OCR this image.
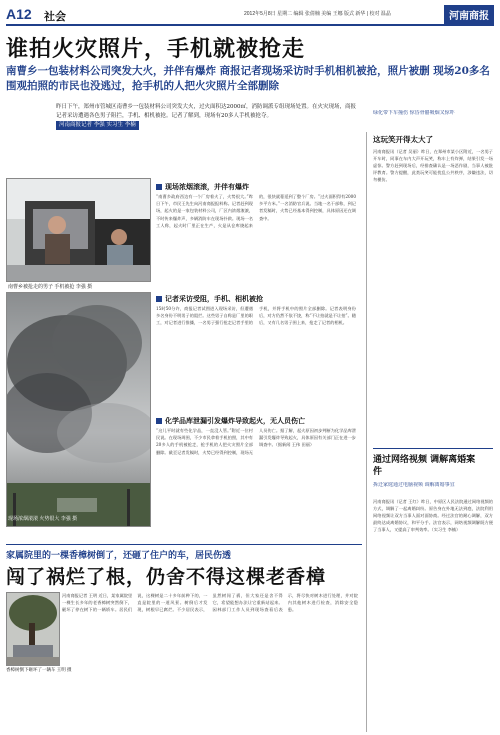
A12 社会	2012年5月8日 星期二 编辑 张倩楠 美编 王娜 版式 新华 | 校对 温晶	河南商报
谁拍火灾照片，手机就被抢走
南曹乡一包装材料公司突发大火，并伴有爆炸 商报记者现场采访时手机相机被抢，照片被删 现场20多名围观拍照的市民也没逃过，抢手机的人把火灾照片全部删除
昨日下午，郑州市管城区南曹乡一包装材料公司突发大火，过火面积达2000㎡，消防调派专组现场处置。在火灾现场，商报记者采访遭遇各色男子阻拦，手机、相机被抢。记者了解到，现场有20多人手机被抢夺。
河南商报记者 李强 实习生 李楠
南曹乡被抢走的男子 手机被抢 李强 摄
现场浓烟滚滚，并伴有爆炸
“南曹乡政府西边有一个厂房着火了，火势很大。”昨日下午，市民王先生向河南商报报料称。记者赶到现场，起火的是一家包装材料公司，厂区内浓烟滚滚，不时传来爆炸声，多辆消防车在现场扑救。现场一名工人称，起火时厂里正在生产，火是从仓库烧起来的，很快就蔓延到了整个厂房。“过火面积得有2000多平方米。”一名消防官兵说。当地一名干部称，到记者发稿时，火势已经基本得到控制，具体原因还在调查中。
记者采访受阻，手机、相机被抢
15时50分许，商报记者试图进入现场采访，但遭遇多名身份不明男子的阻拦。这些男子自称是厂里的职工，对记者进行推搡，一名男子强行抢走记者手里的手机，并将手机中的照片全部删除。记者表明身份后，对方仍然不依不饶，称“不让拍就是不让拍”。随后，又有几名男子围上来，抢走了记者的相机。
现场浓烟滚滚 火势很大 李强 摄
化学品库泄漏引发爆炸导致起火，无人员伤亡
“这儿平时就有些化学品，一直没人管。”附近一位村民说。在现场周围，不少市民拿着手机拍照，其中有20多人的手机被抢走，抢手机的人把火灾照片全部删除。截至记者发稿时，火势已经得到控制，现场无人员伤亡。据了解，起火原因初步判断为化学品库泄漏引发爆炸导致起火，具体原因有关部门正在进一步调查中。（据新闻 王伟 田丽）
绿化带下车撞伤 惊昏骨骼吸烟又惊吓
这玩笑开得太大了
河南商报讯（记者 吴丽）昨日，在郑州市某小区附近，一名男子开车时，同事在车内大声开玩笑，称车上有炸弹，结果引发一场虚惊。警方赶到现场后，经排查确认是一场恶作剧，当事人被批评教育。警方提醒，此类玩笑可能扰乱公共秩序，涉嫌违法，切勿模仿。
通过网络视频 调解离婚案件
拆迁家庭通过电脑视频 调解离婚事宜
河南商报讯（记者 王红）昨日，中原区人民法院通过网络视频的方式，调解了一起离婚纠纷。原告身在外地无法到庭，法院利用网络视频让双方当事人面对面协商。经过法官的耐心调解，双方最终达成离婚协议，和平分手。法官表示，网络视频调解既方便了当事人，又提高了审判效率。（实习生 李楠）
家属院里的一棵香樟树倒了，还砸了住户的车，居民伤透
闯了祸烂了根，仍舍不得这棵老香樟
香樟树倒下砸坏了一辆车 王明 摄
河南商报记者 王明 近日，某家属院里一棵生长多年的老香樟树突然倒下，砸坏了停在树下的一辆轿车。居民们说，这棵树是二十多年前种下的，一直是院里的一道风景。树倒后才发现，树根早已腐烂。不少居民表示，虽然树闯了祸，但大家还是舍不得它，希望能想办法让它重新站起来。园林部门工作人员到现场查看后表示，将尽快对树木进行处理，并对院内其他树木进行检查，消除安全隐患。
